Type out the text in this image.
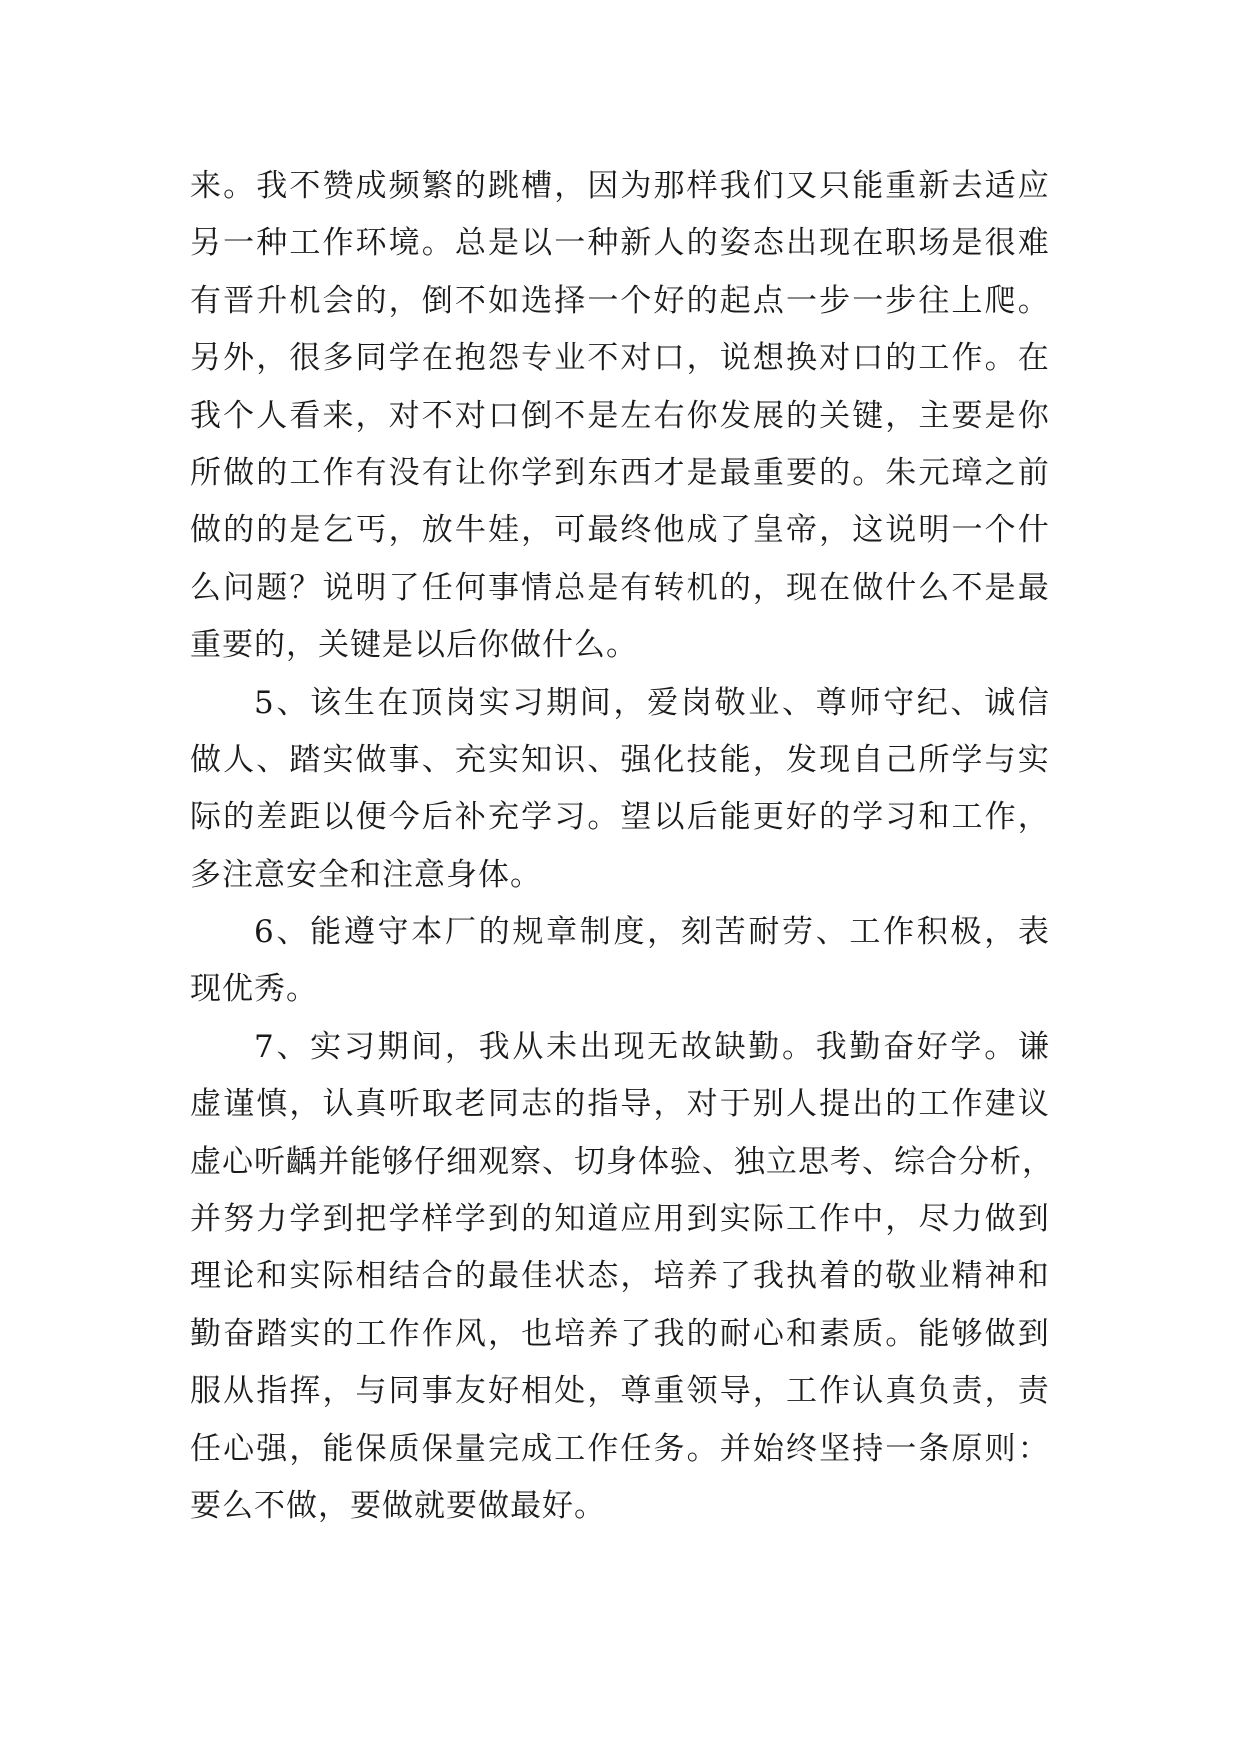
来 。 我 不 赞 成 频 繁 的 跳 槽 ， 因 为 那 样 我 们 又 只 能 重 新 去 适 应
另 一 种 工 作 环 境 。 总 是 以 一 种 新 人 的 姿 态 出 现 在 职 场 是 很 难
有 晋 升 机 会 的 ， 倒 不 如 选 择 一 个 好 的 起 点 一 步 一 步 往 上 爬 。
另 外 ， 很 多 同 学 在 抱 怨 专 业 不 对 口 ， 说 想 换 对 口 的 工 作 。 在
我 个 人 看 来 ， 对 不 对 口 倒 不 是 左 右 你 发 展 的 关 键 ， 主 要 是 你
所 做 的 工 作 有 没 有 让 你 学 到 东 西 才 是 最 重 要 的 。 朱 元 璋 之 前
做 的 的 是 乞 丐 ， 放 牛 娃 ， 可 最 终 他 成 了 皇 帝 ， 这 说 明 一 个 什
么 问 题 ？ 说 明 了 任 何 事 情 总 是 有 转 机 的 ， 现 在 做 什 么 不 是 最
重 要 的 ， 关 键 是 以 后 你 做 什 么 。
5 、 该 生 在 顶 岗 实 习 期 间 ， 爱 岗 敬 业 、 尊 师 守 纪 、 诚 信
做 人 、 踏 实 做 事 、 充 实 知 识 、 强 化 技 能 ， 发 现 自 己 所 学 与 实
际 的 差 距 以 便 今 后 补 充 学 习 。 望 以 后 能 更 好 的 学 习 和 工 作 ，
多 注 意 安 全 和 注 意 身 体 。
6 、 能 遵 守 本 厂 的 规 章 制 度 ， 刻 苦 耐 劳 、 工 作 积 极 ， 表
现 优 秀 。
7 、 实 习 期 间 ， 我 从 未 出 现 无 故 缺 勤 。 我 勤 奋 好 学 。 谦
虚 谨 慎 ， 认 真 听 取 老 同 志 的 指 导 ， 对 于 别 人 提 出 的 工 作 建 议
虚 心 听 齲 并 能 够 仔 细 观 察 、 切 身 体 验 、 独 立 思 考 、 综 合 分 析 ，
并 努 力 学 到 把 学 样 学 到 的 知 道 应 用 到 实 际 工 作 中 ， 尽 力 做 到
理 论 和 实 际 相 结 合 的 最 佳 状 态 ， 培 养 了 我 执 着 的 敬 业 精 神 和
勤 奋 踏 实 的 工 作 作 风 ， 也 培 养 了 我 的 耐 心 和 素 质 。 能 够 做 到
服 从 指 挥 ， 与 同 事 友 好 相 处 ， 尊 重 领 导 ， 工 作 认 真 负 责 ， 责
任 心 强 ， 能 保 质 保 量 完 成 工 作 任 务 。 并 始 终 坚 持 一 条 原 则 ：
要 么 不 做 ， 要 做 就 要 做 最 好 。
